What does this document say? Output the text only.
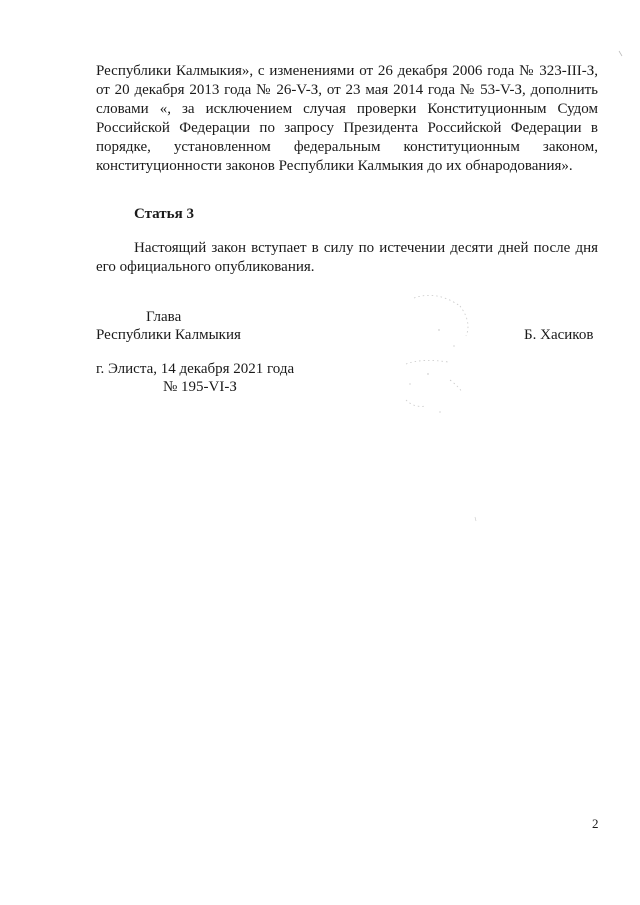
Республики Калмыкия», с изменениями от 26 декабря 2006 года № 323-III-З,
от 20 декабря 2013 года № 26-V-З, от 23 мая 2014 года № 53-V-З, дополнить
словами «, за исключением случая проверки Конституционным Судом
Российской Федерации по запросу Президента Российской Федерации в
порядке, установленном федеральным конституционным законом,
конституционности законов Республики Калмыкия до их обнародования».
Статья 3
Настоящий закон вступает в силу по истечении десяти дней после дня
его официального опубликования.
Глава
Республики Калмыкия	Б. Хасиков
г. Элиста, 14 декабря 2021 года
№ 195-VI-З
2
